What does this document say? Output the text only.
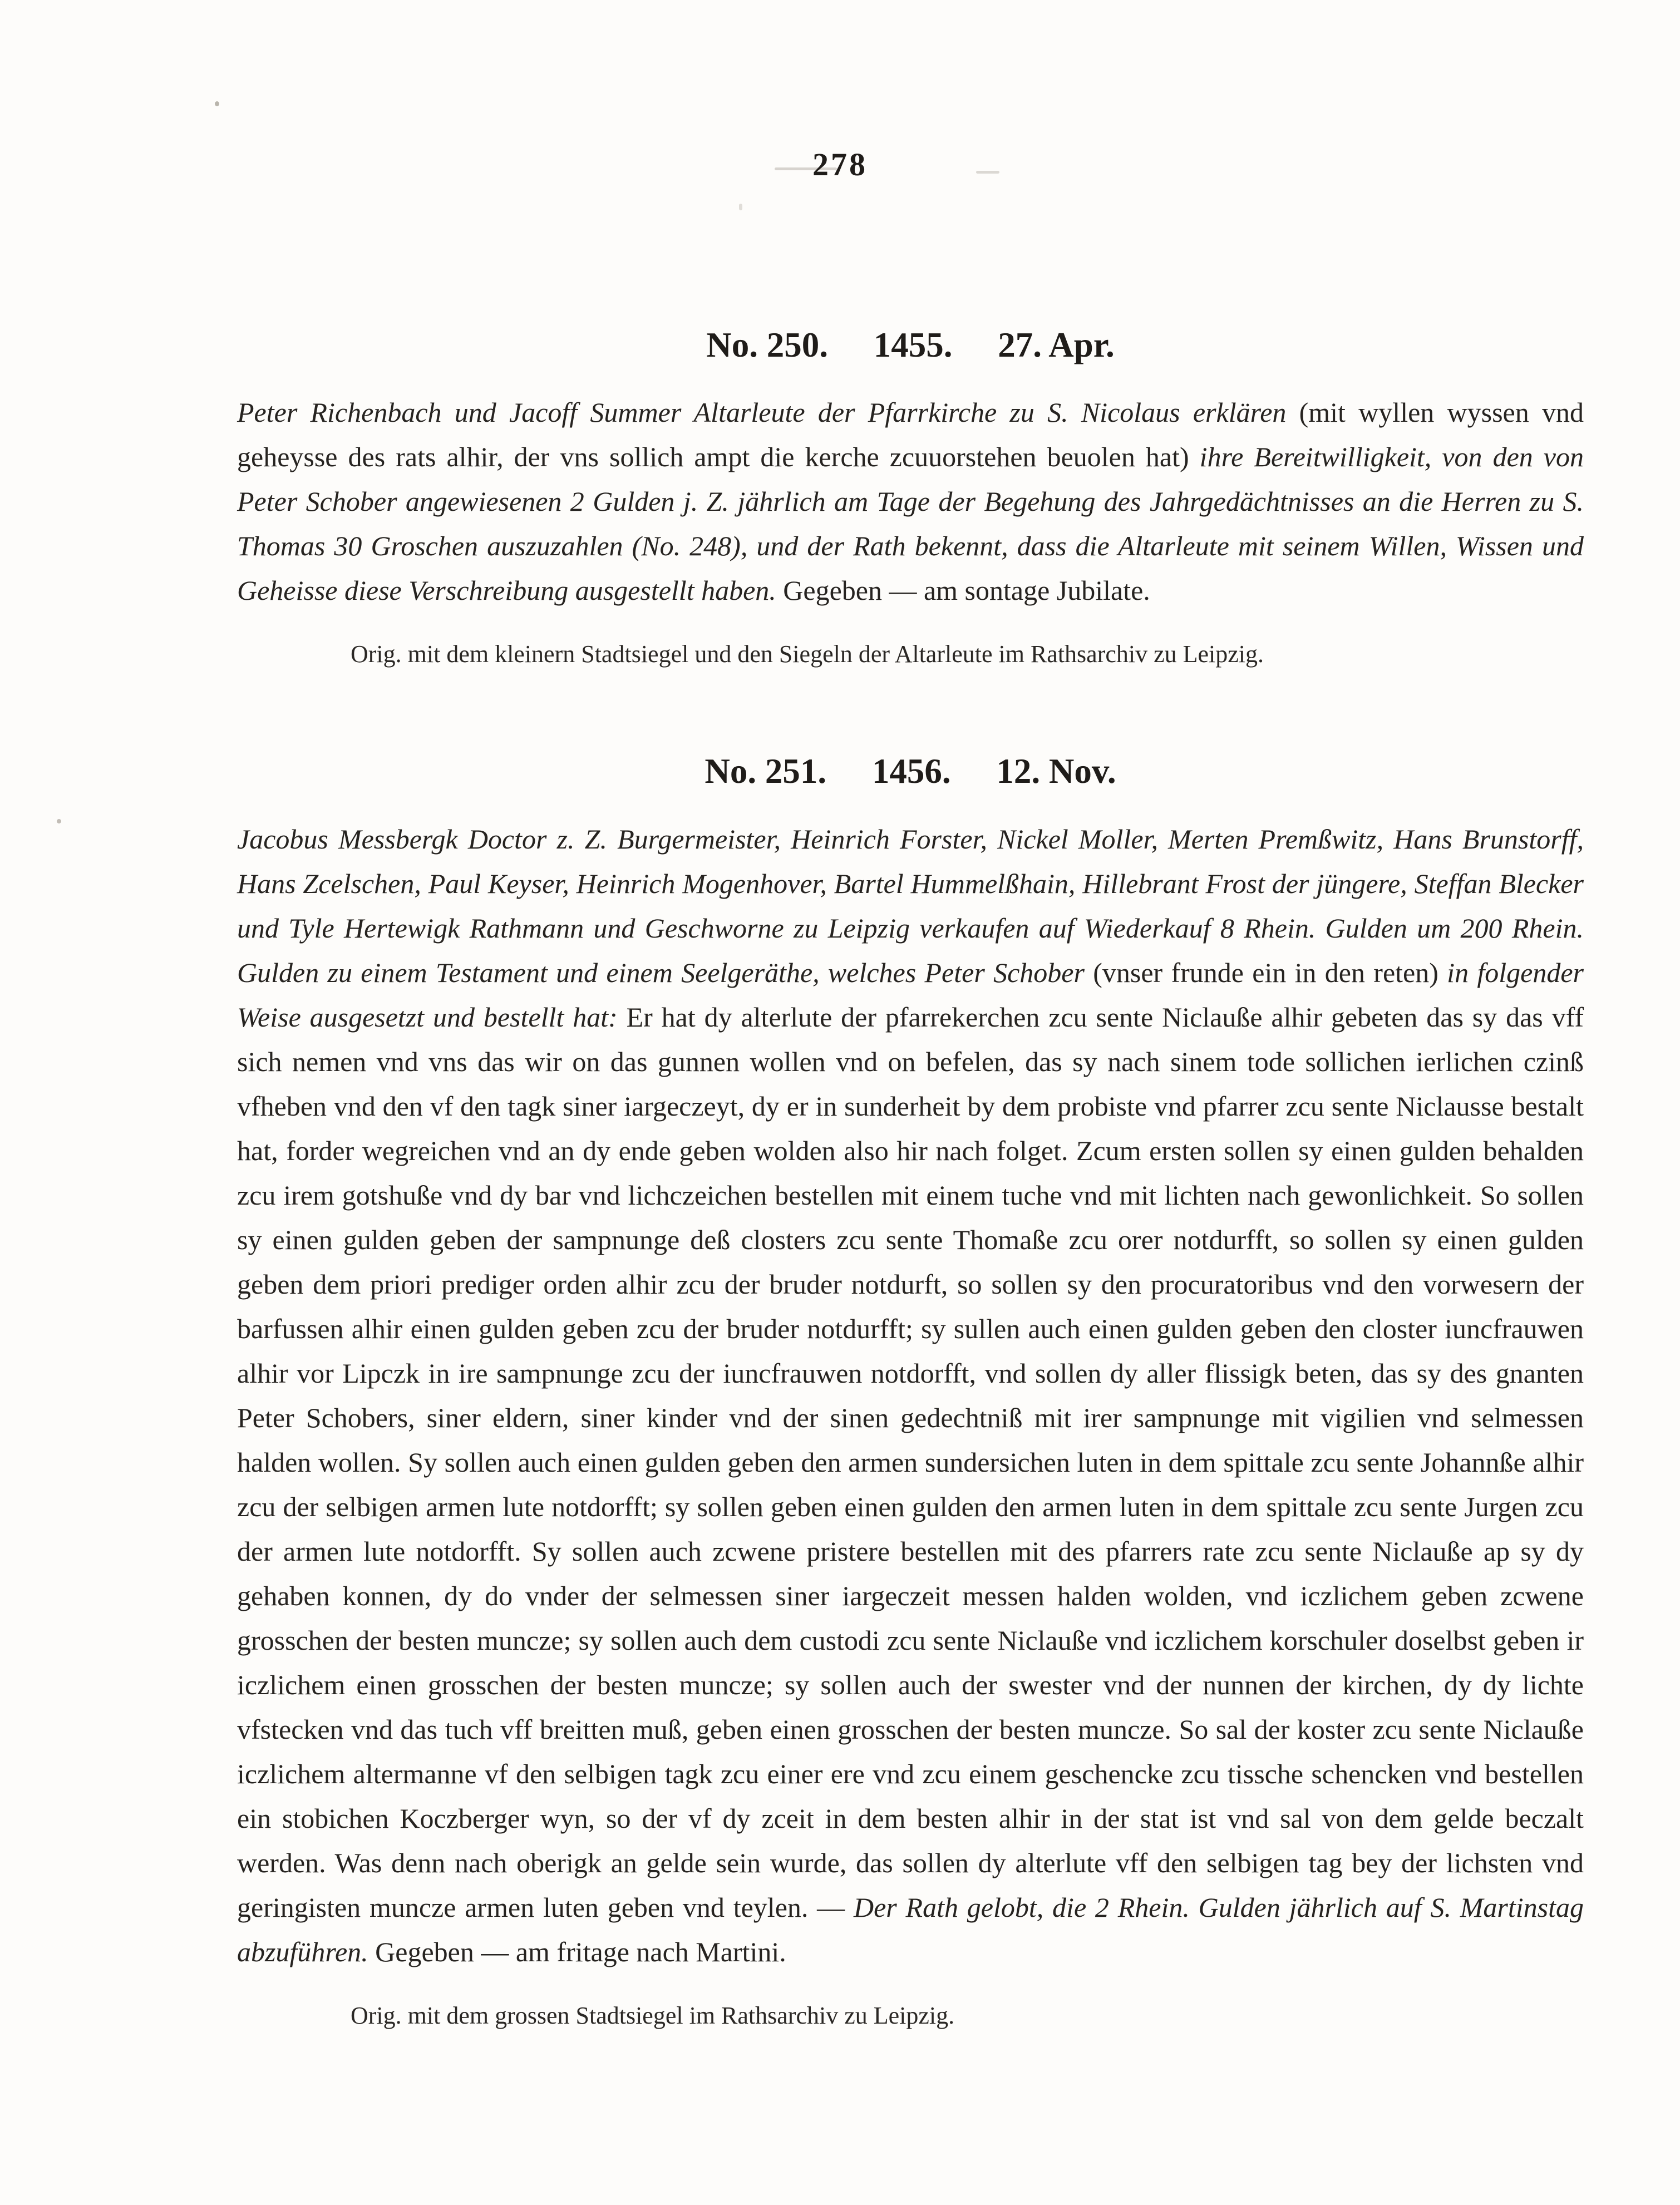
278
No. 250. 1455. 27. Apr.

Peter Richenbach und Jacoff Summer Altarleute der Pfarrkirche zu S. Nicolaus erklären (mit wyllen wyssen vnd geheysse des rats alhir, der vns sollich ampt die kerche zcuuorstehen beuolen hat) ihre Bereitwilligkeit, von den von Peter Schober angewiesenen 2 Gulden j. Z. jährlich am Tage der Begehung des Jahrgedächtnisses an die Herren zu S. Thomas 30 Groschen auszuzahlen (No. 248), und der Rath bekennt, dass die Altarleute mit seinem Willen, Wissen und Geheisse diese Verschreibung ausgestellt haben. Gegeben — am sontage Jubilate.

Orig. mit dem kleinern Stadtsiegel und den Siegeln der Altarleute im Rathsarchiv zu Leipzig.

No. 251. 1456. 12. Nov.

Jacobus Messbergk Doctor z. Z. Burgermeister, Heinrich Forster, Nickel Moller, Merten Premßwitz, Hans Brunstorff, Hans Zcelschen, Paul Keyser, Heinrich Mogenhover, Bartel Hummelßhain, Hillebrant Frost der jüngere, Steffan Blecker und Tyle Hertewigk Rathmann und Geschworne zu Leipzig verkaufen auf Wiederkauf 8 Rhein. Gulden um 200 Rhein. Gulden zu einem Testament und einem Seelgeräthe, welches Peter Schober (vnser frunde ein in den reten) in folgender Weise ausgesetzt und bestellt hat: Er hat dy alterlute der pfarrekerchen zcu sente Niclauße alhir gebeten das sy das vff sich nemen vnd vns das wir on das gunnen wollen vnd on befelen, das sy nach sinem tode sollichen ierlichen czinß vfheben vnd den vf den tagk siner iargeczeyt, dy er in sunderheit by dem probiste vnd pfarrer zcu sente Niclausse bestalt hat, forder wegreichen vnd an dy ende geben wolden also hir nach folget. Zcum ersten sollen sy einen gulden behalden zcu irem gotshuße vnd dy bar vnd lichczeichen bestellen mit einem tuche vnd mit lichten nach gewonlichkeit. So sollen sy einen gulden geben der sampnunge deß closters zcu sente Thomaße zcu orer notdurfft, so sollen sy einen gulden geben dem priori prediger orden alhir zcu der bruder notdurft, so sollen sy den procuratoribus vnd den vorwesern der barfussen alhir einen gulden geben zcu der bruder notdurfft; sy sullen auch einen gulden geben den closter iuncfrauwen alhir vor Lipczk in ire sampnunge zcu der iuncfrauwen notdorfft, vnd sollen dy aller flissigk beten, das sy des gnanten Peter Schobers, siner eldern, siner kinder vnd der sinen gedechtniß mit irer sampnunge mit vigilien vnd selmessen halden wollen. Sy sollen auch einen gulden geben den armen sundersichen luten in dem spittale zcu sente Johannße alhir zcu der selbigen armen lute notdorfft; sy sollen geben einen gulden den armen luten in dem spittale zcu sente Jurgen zcu der armen lute notdorfft. Sy sollen auch zcwene pristere bestellen mit des pfarrers rate zcu sente Niclauße ap sy dy gehaben konnen, dy do vnder der selmessen siner iargeczeit messen halden wolden, vnd iczlichem geben zcwene grosschen der besten muncze; sy sollen auch dem custodi zcu sente Niclauße vnd iczlichem korschuler doselbst geben ir iczlichem einen grosschen der besten muncze; sy sollen auch der swester vnd der nunnen der kirchen, dy dy lichte vfstecken vnd das tuch vff breitten muß, geben einen grosschen der besten muncze. So sal der koster zcu sente Niclauße iczlichem altermanne vf den selbigen tagk zcu einer ere vnd zcu einem geschencke zcu tissche schencken vnd bestellen ein stobichen Koczberger wyn, so der vf dy zceit in dem besten alhir in der stat ist vnd sal von dem gelde beczalt werden. Was denn nach oberigk an gelde sein wurde, das sollen dy alterlute vff den selbigen tag bey der lichsten vnd geringisten muncze armen luten geben vnd teylen. — Der Rath gelobt, die 2 Rhein. Gulden jährlich auf S. Martinstag abzuführen. Gegeben — am fritage nach Martini.

Orig. mit dem grossen Stadtsiegel im Rathsarchiv zu Leipzig.
